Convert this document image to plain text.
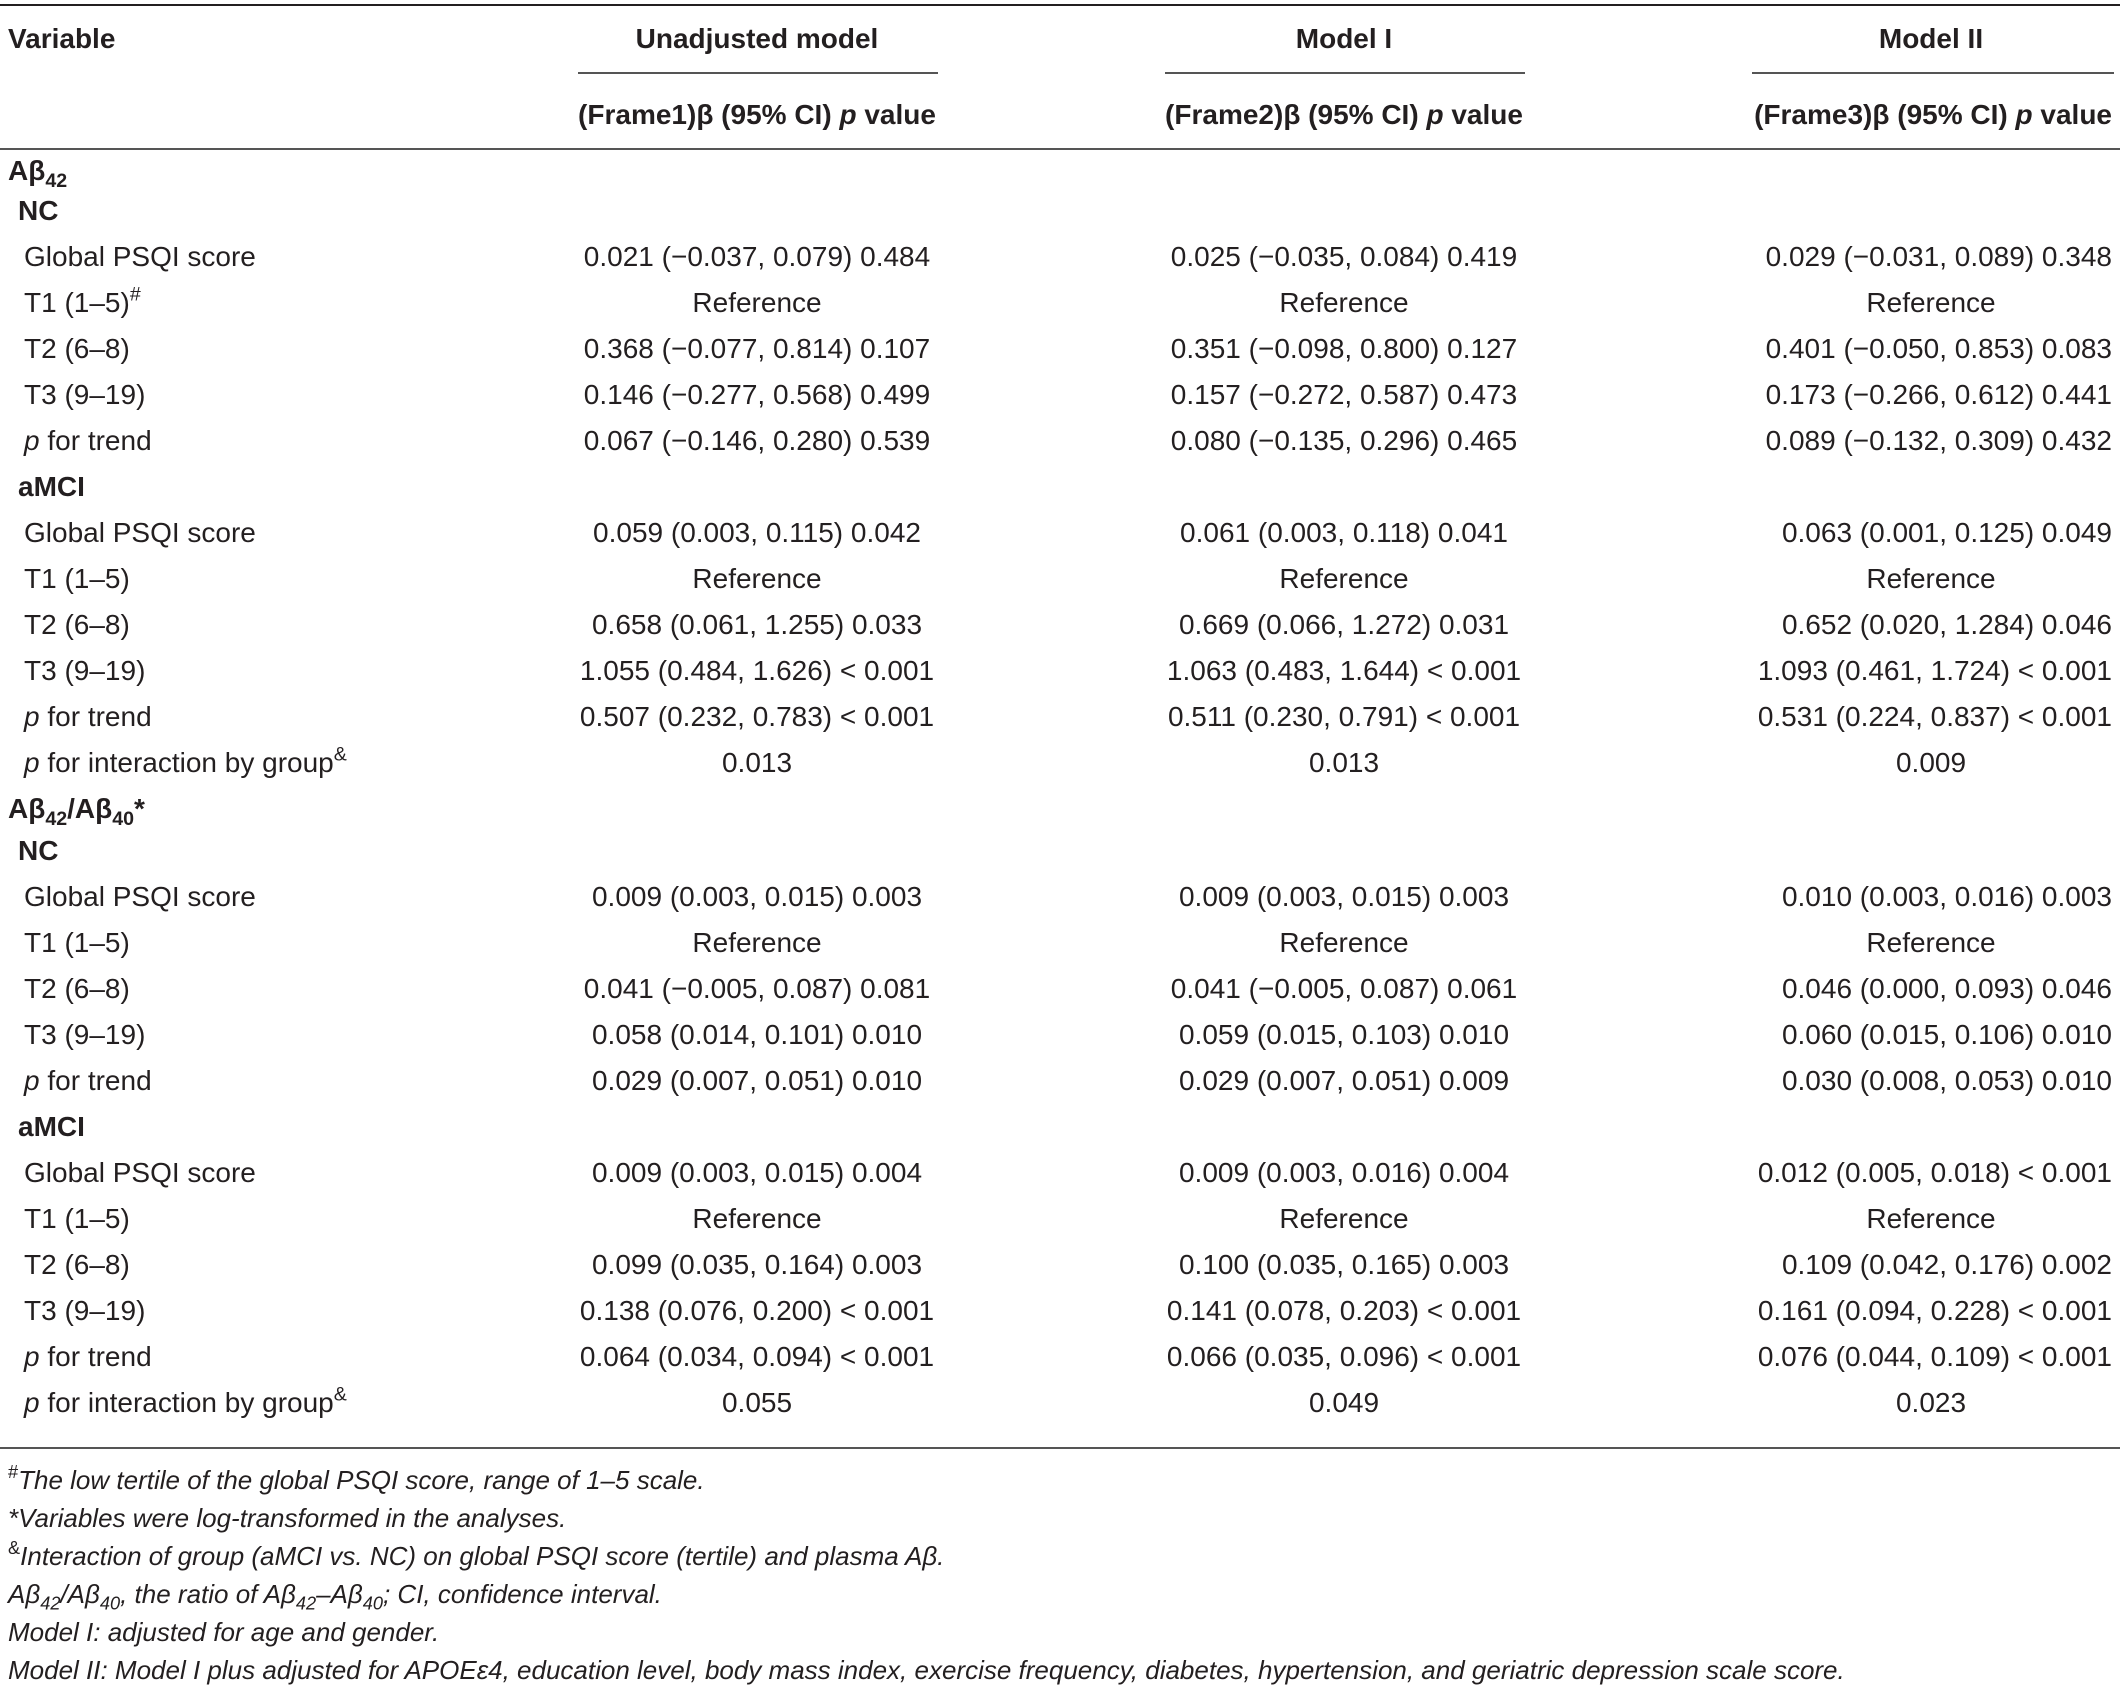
Variable	Unadjusted model	Model I	Model II
(Frame1)β (95% CI) p value	(Frame2)β (95% CI) p value	(Frame3)β (95% CI) p value
$A\beta_{42}$
NC
Global PSQI score	0.021 (−0.037, 0.079) 0.484	0.025 (−0.035, 0.084) 0.419	0.029 (−0.031, 0.089) 0.348
T1 (1–5)#	Reference	Reference	Reference
T2 (6–8)	0.368 (−0.077, 0.814) 0.107	0.351 (−0.098, 0.800) 0.127	0.401 (−0.050, 0.853) 0.083
T3 (9–19)	0.146 (−0.277, 0.568) 0.499	0.157 (−0.272, 0.587) 0.473	0.173 (−0.266, 0.612) 0.441
p for trend	0.067 (−0.146, 0.280) 0.539	0.080 (−0.135, 0.296) 0.465	0.089 (−0.132, 0.309) 0.432
aMCI
Global PSQI score	0.059 (0.003, 0.115) 0.042	0.061 (0.003, 0.118) 0.041	0.063 (0.001, 0.125) 0.049
T1 (1–5)	Reference	Reference	Reference
T2 (6–8)	0.658 (0.061, 1.255) 0.033	0.669 (0.066, 1.272) 0.031	0.652 (0.020, 1.284) 0.046
T3 (9–19)	1.055 (0.484, 1.626) < 0.001	1.063 (0.483, 1.644) < 0.001	1.093 (0.461, 1.724) < 0.001
p for trend	0.507 (0.232, 0.783) < 0.001	0.511 (0.230, 0.791) < 0.001	0.531 (0.224, 0.837) < 0.001
p for interaction by group&	0.013	0.013	0.009
$A\beta_{42}/A\beta_{40}*$
NC
Global PSQI score	0.009 (0.003, 0.015) 0.003	0.009 (0.003, 0.015) 0.003	0.010 (0.003, 0.016) 0.003
T1 (1–5)	Reference	Reference	Reference
T2 (6–8)	0.041 (−0.005, 0.087) 0.081	0.041 (−0.005, 0.087) 0.061	0.046 (0.000, 0.093) 0.046
T3 (9–19)	0.058 (0.014, 0.101) 0.010	0.059 (0.015, 0.103) 0.010	0.060 (0.015, 0.106) 0.010
p for trend	0.029 (0.007, 0.051) 0.010	0.029 (0.007, 0.051) 0.009	0.030 (0.008, 0.053) 0.010
aMCI
Global PSQI score	0.009 (0.003, 0.015) 0.004	0.009 (0.003, 0.016) 0.004	0.012 (0.005, 0.018) < 0.001
T1 (1–5)	Reference	Reference	Reference
T2 (6–8)	0.099 (0.035, 0.164) 0.003	0.100 (0.035, 0.165) 0.003	0.109 (0.042, 0.176) 0.002
T3 (9–19)	0.138 (0.076, 0.200) < 0.001	0.141 (0.078, 0.203) < 0.001	0.161 (0.094, 0.228) < 0.001
p for trend	0.064 (0.034, 0.094) < 0.001	0.066 (0.035, 0.096) < 0.001	0.076 (0.044, 0.109) < 0.001
p for interaction by group&	0.055	0.049	0.023
#The low tertile of the global PSQI score, range of 1–5 scale.
*Variables were log-transformed in the analyses.
&Interaction of group (aMCI vs. NC) on global PSQI score (tertile) and plasma Aβ.
$A\beta_{42}/A\beta_{40}$, the ratio of $A\beta_{42}-A\beta_{40}$; CI, confidence interval.
Model I: adjusted for age and gender.
Model II: Model I plus adjusted for APOEε4, education level, body mass index, exercise frequency, diabetes, hypertension, and geriatric depression scale score.
